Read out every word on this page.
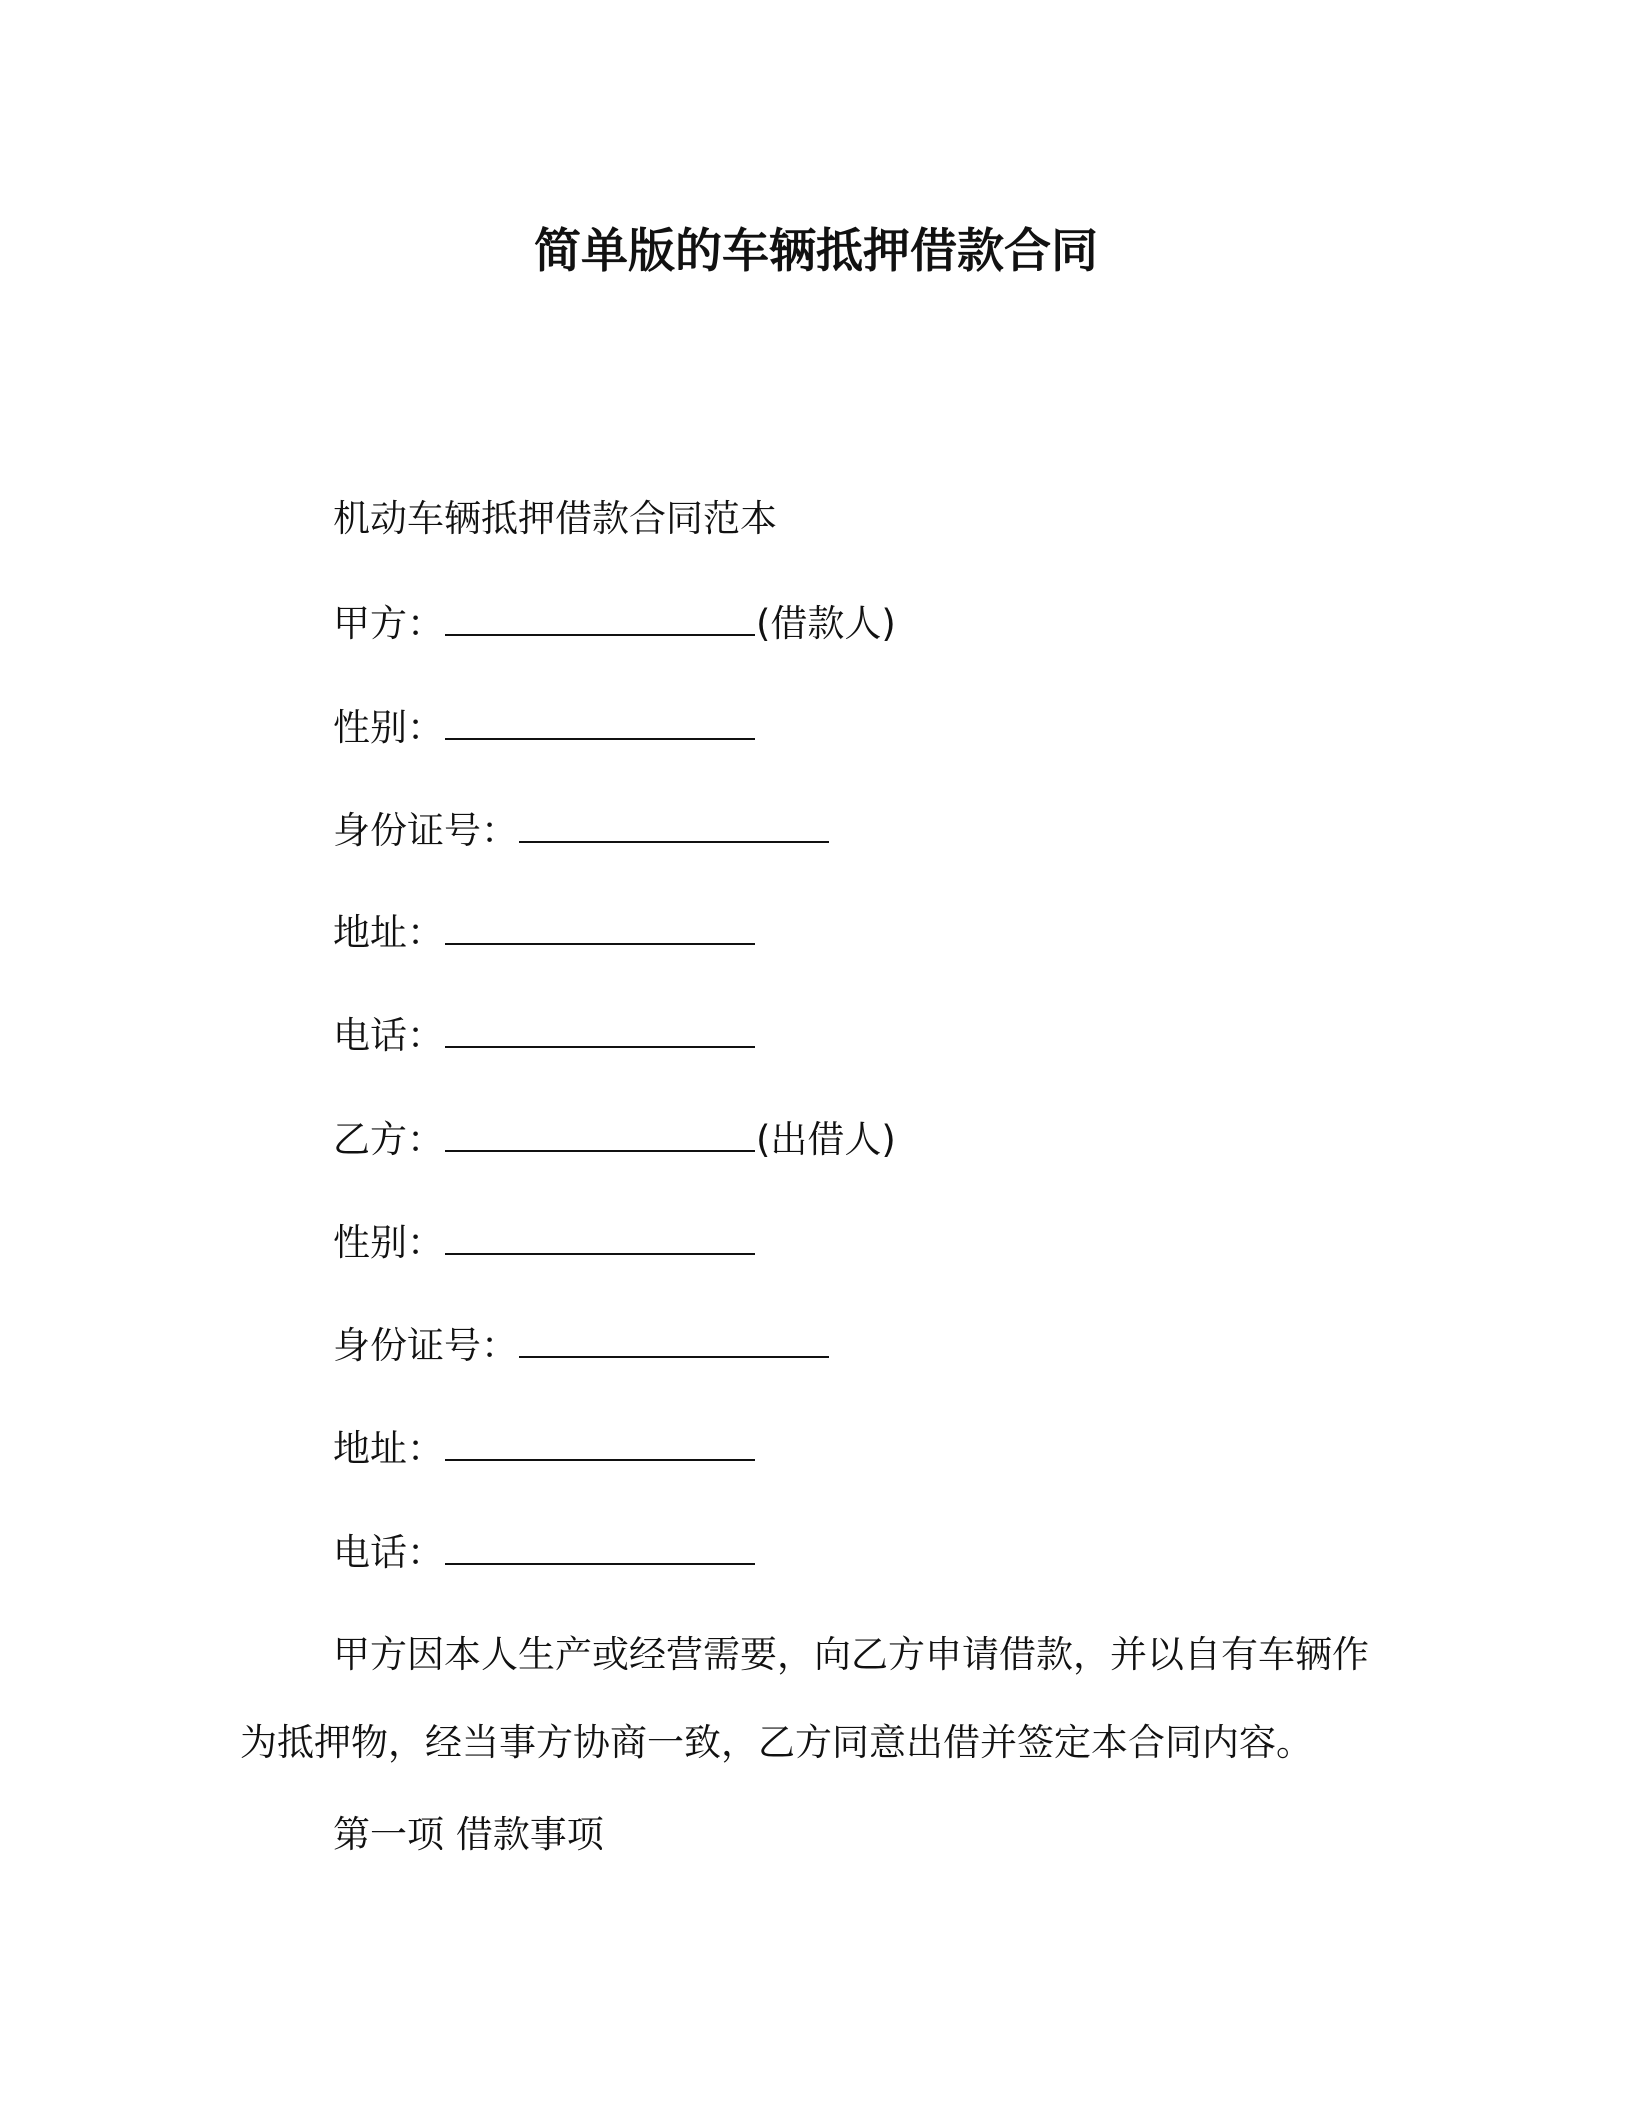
简单版的车辆抵押借款合同
机动车辆抵押借款合同范本
甲方：	(借款人)
性别：
身份证号：
地址：
电话：
乙方：	(出借人)
性别：
身份证号：
地址：
电话：
甲方因本人生产或经营需要，向乙方申请借款，并以自有车辆作
为抵押物，经当事方协商一致，乙方同意出借并签定本合同内容。
第一项 借款事项
